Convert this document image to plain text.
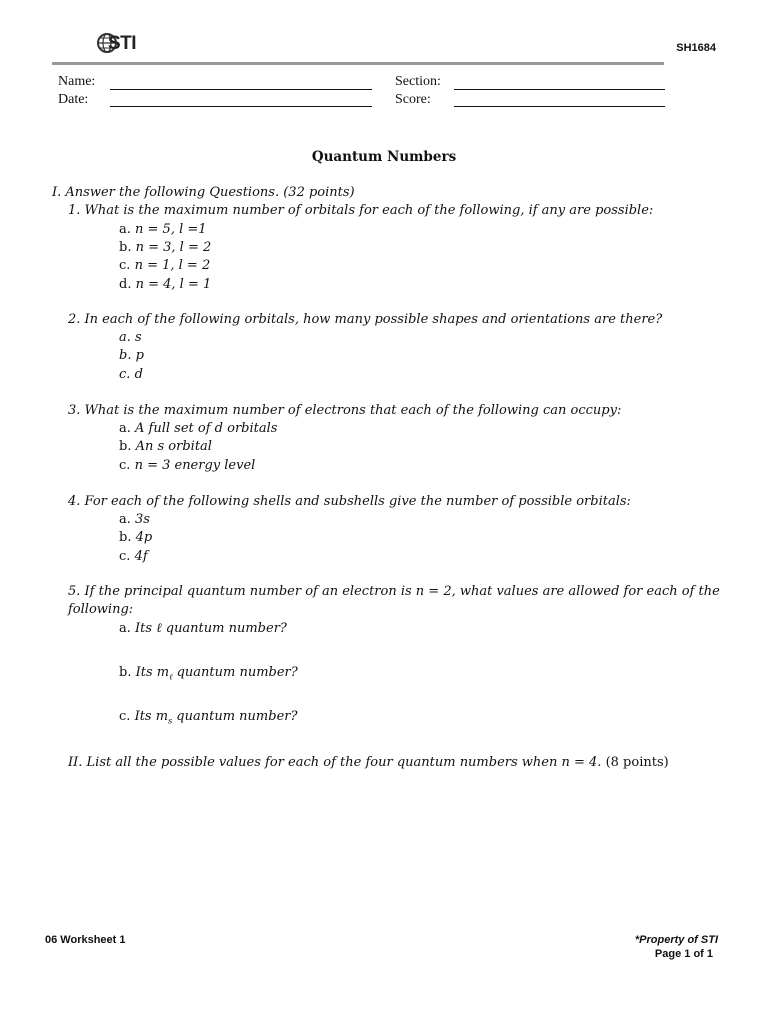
STI	SH1684
Name:
Date:
Section:
Score:
Quantum Numbers
I. Answer the following Questions. (32 points)
1. What is the maximum number of orbitals for each of the following, if any are possible:
a. n = 5, l =1
b. n = 3, l = 2
c. n = 1, l = 2
d. n = 4, l = 1
2. In each of the following orbitals, how many possible shapes and orientations are there?
a. s
b. p
c. d
3. What is the maximum number of electrons that each of the following can occupy:
a. A full set of d orbitals
b. An s orbital
c. n = 3 energy level
4. For each of the following shells and subshells give the number of possible orbitals:
a. 3s
b. 4p
c. 4f
5. If the principal quantum number of an electron is n = 2, what values are allowed for each of the
following:
a. Its ℓ quantum number?
b. Its $m_\ell$ quantum number?
c. Its $m_s$ quantum number?
II. List all the possible values for each of the four quantum numbers when n = 4. (8 points)
06 Worksheet 1	*Property of STI
Page 1 of 1
